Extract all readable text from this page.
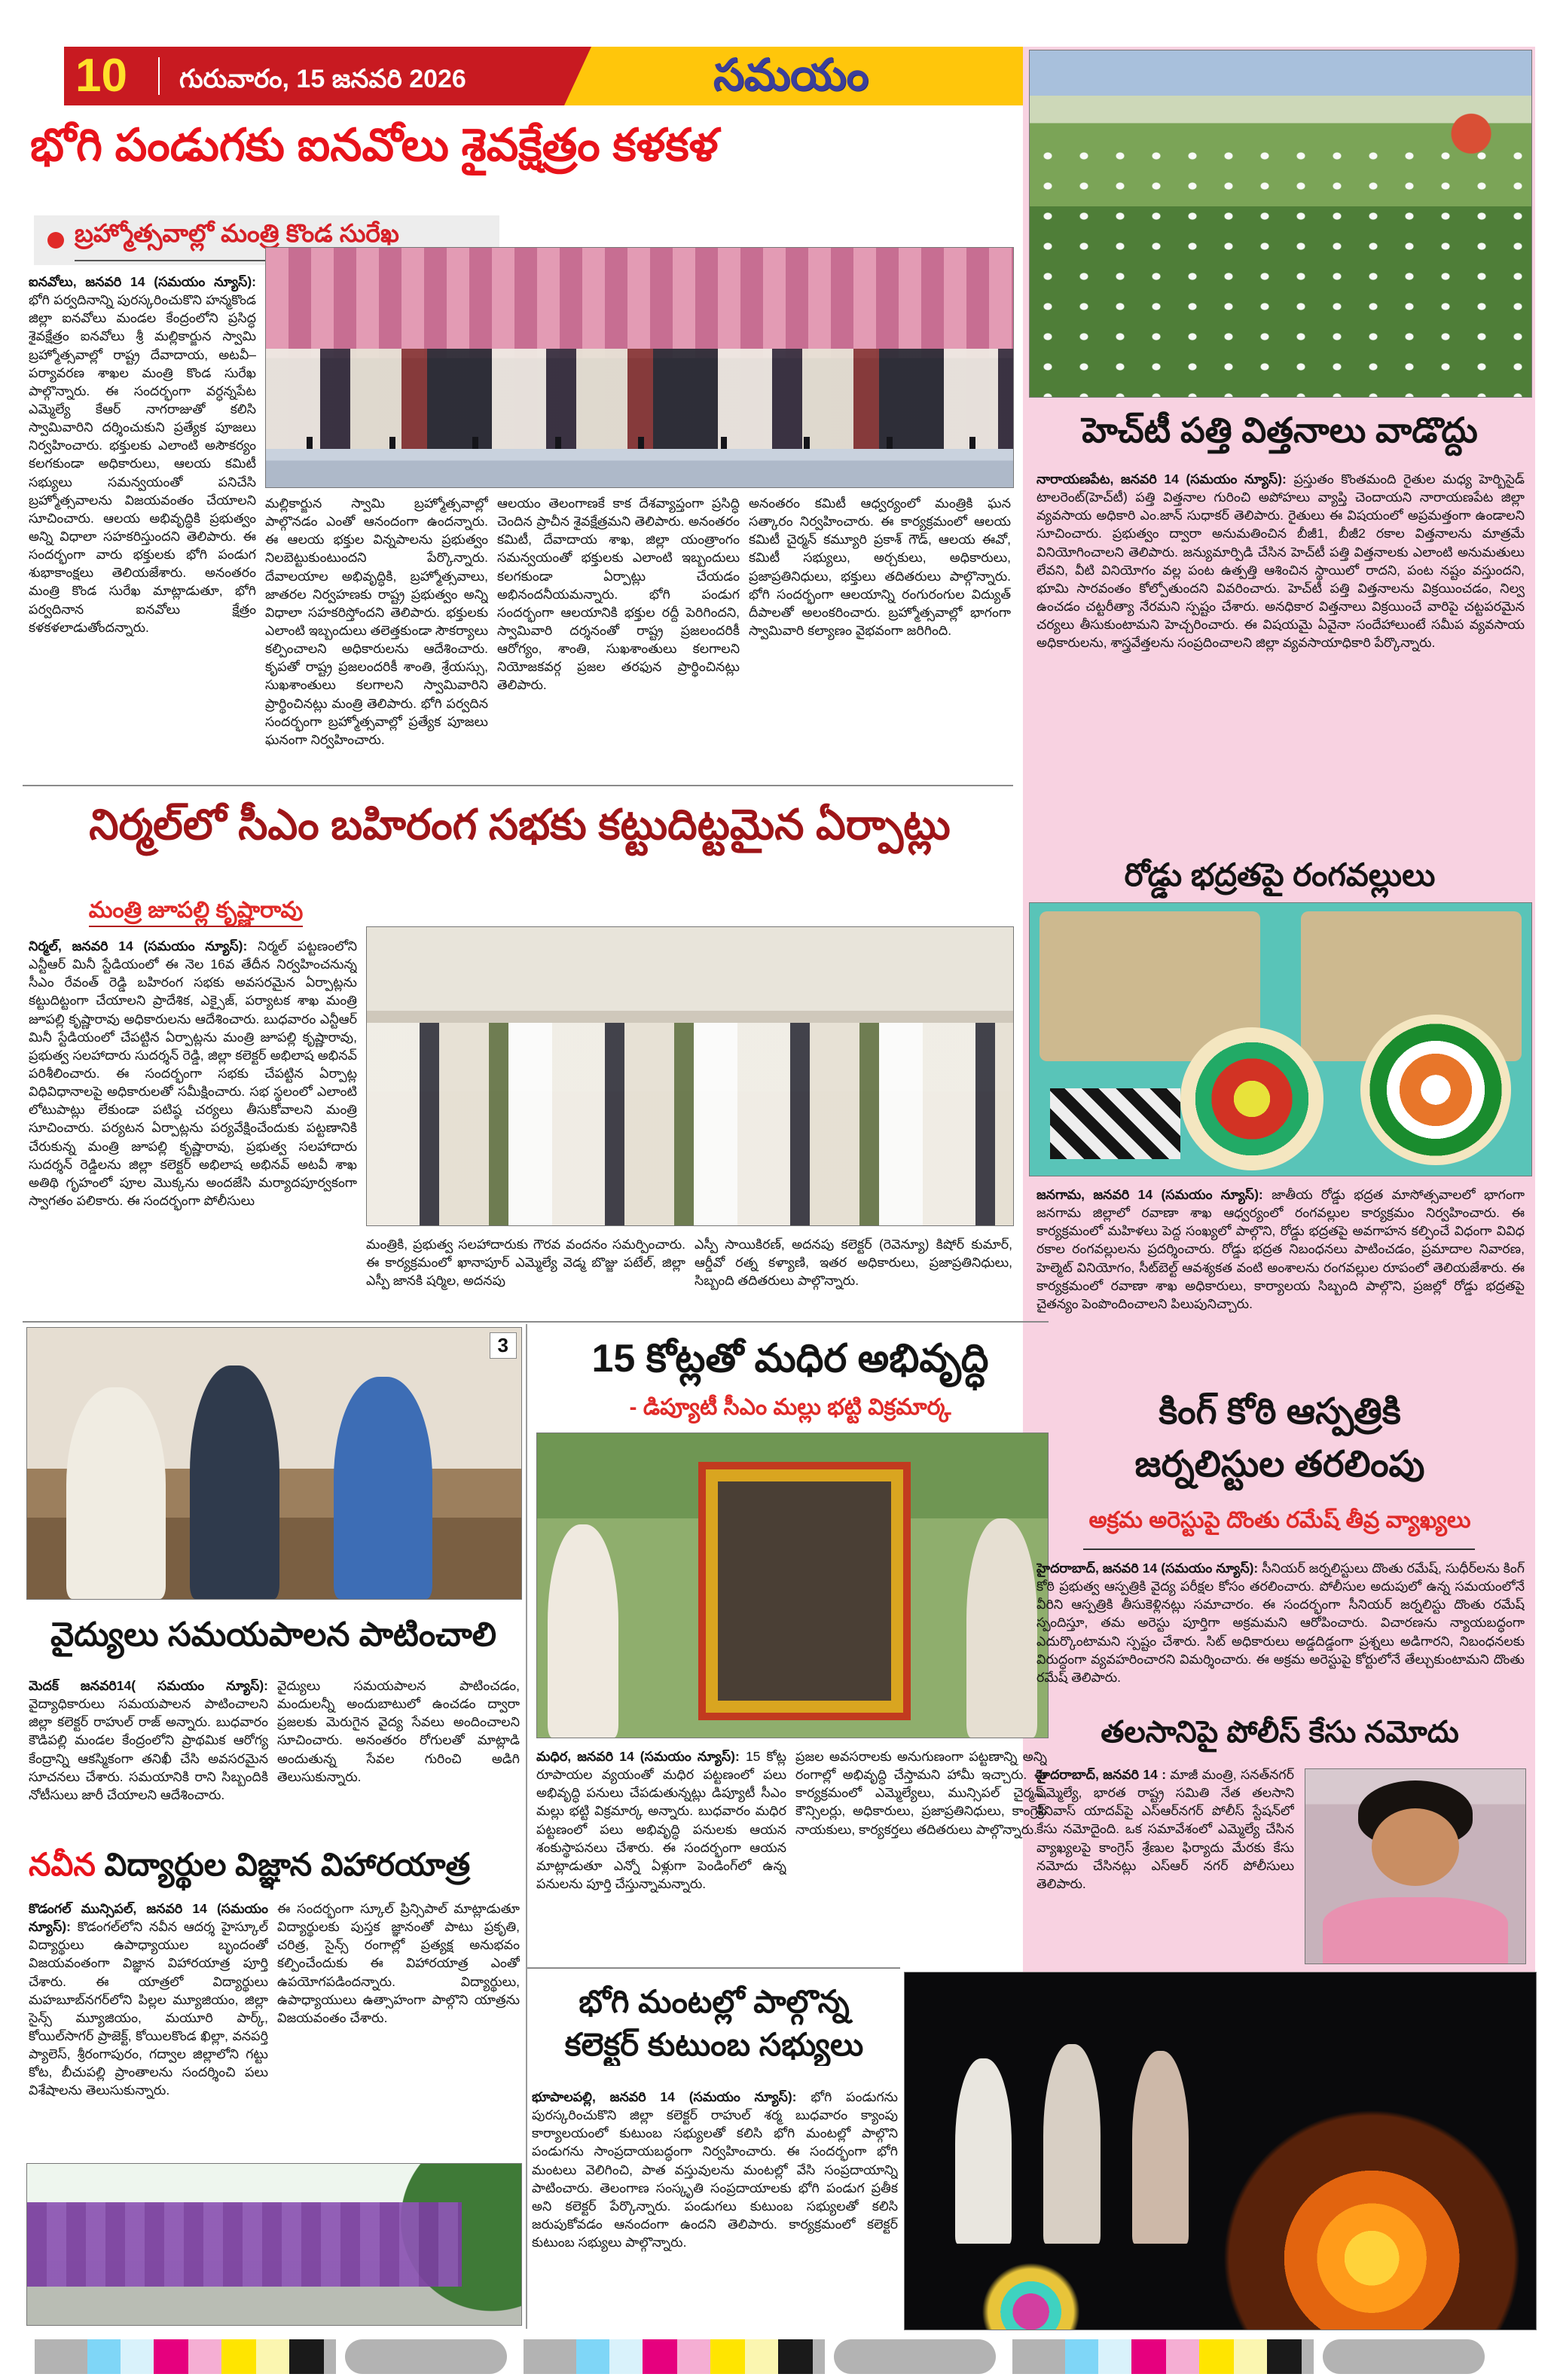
10 గురువారం, 15 జనవరి 2026	సమయం
భోగి పండుగకు ఐనవోలు శైవక్షేత్రం కళకళ
బ్రహ్మోత్సవాల్లో మంత్రి కొండ సురేఖ

ఐనవోలు, జనవరి 14 (సమయం న్యూస్): భోగి పర్వదినాన్ని పురస్కరించుకొని హన్మకొండ జిల్లా ఐనవోలు మండల కేంద్రంలోని ప్రసిద్ధ శైవక్షేత్రం ఐనవోలు శ్రీ మల్లికార్జున స్వామి బ్రహ్మోత్సవాల్లో రాష్ట్ర దేవాదాయ, అటవీ–పర్యావరణ శాఖల మంత్రి కొండ సురేఖ పాల్గొన్నారు. ఈ సందర్భంగా వర్ధన్నపేట ఎమ్మెల్యే కేఆర్ నాగరాజుతో కలిసి స్వామివారిని దర్శించుకుని ప్రత్యేక పూజలు నిర్వహించారు. భక్తులకు ఎలాంటి అసౌకర్యం కలగకుండా అధికారులు, ఆలయ కమిటీ సభ్యులు సమన్వయంతో పనిచేసి బ్రహ్మోత్సవాలను విజయవంతం చేయాలని సూచించారు. ఆలయ అభివృద్ధికి ప్రభుత్వం అన్ని విధాలా సహకరిస్తుందని తెలిపారు. ఈ సందర్భంగా వారు భక్తులకు భోగి పండుగ శుభాకాంక్షలు తెలియజేశారు. అనంతరం మంత్రి కొండ సురేఖ మాట్లాడుతూ, భోగి పర్వదినాన ఐనవోలు క్షేత్రం కళకళలాడుతోందన్నారు.

మల్లికార్జున స్వామి బ్రహ్మోత్సవాల్లో పాల్గొనడం ఎంతో ఆనందంగా ఉందన్నారు. ఈ ఆలయ భక్తుల విన్నపాలను ప్రభుత్వం నిలబెట్టుకుంటుందని పేర్కొన్నారు. దేవాలయాల అభివృద్ధికి, బ్రహ్మోత్సవాలు, జాతరల నిర్వహణకు రాష్ట్ర ప్రభుత్వం అన్ని విధాలా సహకరిస్తోందని తెలిపారు. భక్తులకు ఎలాంటి ఇబ్బందులు తలెత్తకుండా సౌకర్యాలు కల్పించాలని అధికారులను ఆదేశించారు. కృపతో రాష్ట్ర ప్రజలందరికీ శాంతి, శ్రేయస్సు, సుఖశాంతులు కలగాలని స్వామివారిని ప్రార్థించినట్లు మంత్రి తెలిపారు. భోగి పర్వదిన సందర్భంగా బ్రహ్మోత్సవాల్లో ప్రత్యేక పూజలు ఘనంగా నిర్వహించారు.

ఆలయం తెలంగాణకే కాక దేశవ్యాప్తంగా ప్రసిద్ధి చెందిన ప్రాచీన శైవక్షేత్రమని తెలిపారు. అనంతరం కమిటీ, దేవాదాయ శాఖ, జిల్లా యంత్రాంగం సమన్వయంతో భక్తులకు ఎలాంటి ఇబ్బందులు కలగకుండా ఏర్పాట్లు చేయడం అభినందనీయమన్నారు. భోగి పండుగ సందర్భంగా ఆలయానికి భక్తుల రద్దీ పెరిగిందని, స్వామివారి దర్శనంతో రాష్ట్ర ప్రజలందరికీ ఆరోగ్యం, శాంతి, సుఖశాంతులు కలగాలని నియోజకవర్గ ప్రజల తరఫున ప్రార్థించినట్లు తెలిపారు.

అనంతరం కమిటీ ఆధ్వర్యంలో మంత్రికి ఘన సత్కారం నిర్వహించారు. ఈ కార్యక్రమంలో ఆలయ కమిటీ చైర్మన్ కమ్యూరి ప్రకాశ్ గౌడ్, ఆలయ ఈవో, కమిటీ సభ్యులు, అర్చకులు, అధికారులు, ప్రజాప్రతినిధులు, భక్తులు తదితరులు పాల్గొన్నారు. భోగి సందర్భంగా ఆలయాన్ని రంగురంగుల విద్యుత్ దీపాలతో అలంకరించారు. బ్రహ్మోత్సవాల్లో భాగంగా స్వామివారి కల్యాణం వైభవంగా జరిగింది.

నిర్మల్‌లో సీఎం బహిరంగ సభకు కట్టుదిట్టమైన ఏర్పాట్లు
మంత్రి జూపల్లి కృష్ణారావు

నిర్మల్, జనవరి 14 (సమయం న్యూస్): నిర్మల్ పట్టణంలోని ఎన్టీఆర్ మినీ స్టేడియంలో ఈ నెల 16వ తేదీన నిర్వహించనున్న సీఎం రేవంత్ రెడ్డి బహిరంగ సభకు అవసరమైన ఏర్పాట్లను కట్టుదిట్టంగా చేయాలని ప్రాదేశిక, ఎక్సైజ్, పర్యాటక శాఖ మంత్రి జూపల్లి కృష్ణారావు అధికారులను ఆదేశించారు. బుధవారం ఎన్టీఆర్ మినీ స్టేడియంలో చేపట్టిన ఏర్పాట్లను మంత్రి జూపల్లి కృష్ణారావు, ప్రభుత్వ సలహాదారు సుదర్శన్ రెడ్డి, జిల్లా కలెక్టర్ అభిలాష అభినవ్ పరిశీలించారు. ఈ సందర్భంగా సభకు చేపట్టిన ఏర్పాట్ల విధివిధానాలపై అధికారులతో సమీక్షించారు. సభ స్థలంలో ఎలాంటి లోటుపాట్లు లేకుండా పటిష్ఠ చర్యలు తీసుకోవాలని మంత్రి సూచించారు. పర్యటన ఏర్పాట్లను పర్యవేక్షించేందుకు పట్టణానికి చేరుకున్న మంత్రి జూపల్లి కృష్ణారావు, ప్రభుత్వ సలహాదారు సుదర్శన్ రెడ్డిలను జిల్లా కలెక్టర్ అభిలాష అభినవ్ అటవీ శాఖ అతిథి గృహంలో పూల మొక్కను అందజేసి మర్యాదపూర్వకంగా స్వాగతం పలికారు. ఈ సందర్భంగా పోలీసులు

మంత్రికి, ప్రభుత్వ సలహాదారుకు గౌరవ వందనం సమర్పించారు. ఈ కార్యక్రమంలో ఖానాపూర్ ఎమ్మెల్యే వెడ్మ బొజ్జు పటేల్, జిల్లా ఎస్పీ జానకి షర్మిల, అదనపు

ఎస్పీ సాయికిరణ్, అదనపు కలెక్టర్ (రెవెన్యూ) కిషోర్ కుమార్, ఆర్డీవో రత్న కళ్యాణి, ఇతర అధికారులు, ప్రజాప్రతినిధులు, సిబ్బంది తదితరులు పాల్గొన్నారు.

3
వైద్యులు సమయపాలన పాటించాలి

మెదక్ జనవరి14( సమయం న్యూస్): వైద్యాధికారులు సమయపాలన పాటించాలని జిల్లా కలెక్టర్ రాహుల్ రాజ్ అన్నారు. బుధవారం కౌడిపల్లి మండల కేంద్రంలోని ప్రాథమిక ఆరోగ్య కేంద్రాన్ని ఆకస్మికంగా తనిఖీ చేసి అవసరమైన సూచనలు చేశారు. సమయానికి రాని సిబ్బందికి నోటీసులు జారీ చేయాలని ఆదేశించారు.

వైద్యులు సమయపాలన పాటించడం, మందులన్నీ అందుబాటులో ఉంచడం ద్వారా ప్రజలకు మెరుగైన వైద్య సేవలు అందించాలని సూచించారు. అనంతరం రోగులతో మాట్లాడి అందుతున్న సేవల గురించి అడిగి తెలుసుకున్నారు.

నవీన విద్యార్థుల విజ్ఞాన విహారయాత్ర

కొడంగల్ మున్సిపల్, జనవరి 14 (సమయం న్యూస్): కొడంగల్‌లోని నవీన ఆదర్శ హైస్కూల్ విద్యార్థులు ఉపాధ్యాయుల బృందంతో విజయవంతంగా విజ్ఞాన విహారయాత్ర పూర్తి చేశారు. ఈ యాత్రలో విద్యార్థులు మహబూబ్‌నగర్‌లోని పిల్లల మ్యూజియం, జిల్లా సైన్స్ మ్యూజియం, మయూరి పార్క్, కోయిల్‌సాగర్ ప్రాజెక్ట్, కోయిలకొండ ఖిల్లా, వనపర్తి ప్యాలెస్, శ్రీరంగాపురం, గద్వాల జిల్లాలోని గట్టు కోట, బీచుపల్లి ప్రాంతాలను సందర్శించి పలు విశేషాలను తెలుసుకున్నారు.

ఈ సందర్భంగా స్కూల్ ప్రిన్సిపాల్ మాట్లాడుతూ విద్యార్థులకు పుస్తక జ్ఞానంతో పాటు ప్రకృతి, చరిత్ర, సైన్స్ రంగాల్లో ప్రత్యక్ష అనుభవం కల్పించేందుకు ఈ విహారయాత్ర ఎంతో ఉపయోగపడిందన్నారు. విద్యార్థులు, ఉపాధ్యాయులు ఉత్సాహంగా పాల్గొని యాత్రను విజయవంతం చేశారు.

15 కోట్లతో మధిర అభివృద్ధి
- డిప్యూటీ సీఎం మల్లు భట్టి విక్రమార్క

మధిర, జనవరి 14 (సమయం న్యూస్): 15 కోట్ల రూపాయల వ్యయంతో మధిర పట్టణంలో పలు అభివృద్ధి పనులు చేపడుతున్నట్లు డిప్యూటీ సీఎం మల్లు భట్టి విక్రమార్క అన్నారు. బుధవారం మధిర పట్టణంలో పలు అభివృద్ధి పనులకు ఆయన శంకుస్థాపనలు చేశారు. ఈ సందర్భంగా ఆయన మాట్లాడుతూ ఎన్నో ఏళ్లుగా పెండింగ్‌లో ఉన్న పనులను పూర్తి చేస్తున్నామన్నారు.

ప్రజల అవసరాలకు అనుగుణంగా పట్టణాన్ని అన్ని రంగాల్లో అభివృద్ధి చేస్తామని హామీ ఇచ్చారు. ఈ కార్యక్రమంలో ఎమ్మెల్యేలు, మున్సిపల్ చైర్మన్, కౌన్సిలర్లు, అధికారులు, ప్రజాప్రతినిధులు, కాంగ్రెస్ నాయకులు, కార్యకర్తలు తదితరులు పాల్గొన్నారు.

భోగి మంటల్లో పాల్గొన్న
కలెక్టర్ కుటుంబ సభ్యులు

భూపాలపల్లి, జనవరి 14 (సమయం న్యూస్): భోగి పండుగను పురస్కరించుకొని జిల్లా కలెక్టర్ రాహుల్ శర్మ బుధవారం క్యాంపు కార్యాలయంలో కుటుంబ సభ్యులతో కలిసి భోగి మంటల్లో పాల్గొని పండుగను సాంప్రదాయబద్ధంగా నిర్వహించారు. ఈ సందర్భంగా భోగి మంటలు వెలిగించి, పాత వస్తువులను మంటల్లో వేసి సంప్రదాయాన్ని పాటించారు. తెలంగాణ సంస్కృతి సంప్రదాయాలకు భోగి పండుగ ప్రతీక అని కలెక్టర్ పేర్కొన్నారు. పండుగలు కుటుంబ సభ్యులతో కలిసి జరుపుకోవడం ఆనందంగా ఉందని తెలిపారు. కార్యక్రమంలో కలెక్టర్ కుటుంబ సభ్యులు పాల్గొన్నారు.

హెచ్‌టీ పత్తి విత్తనాలు వాడొద్దు

నారాయణపేట, జనవరి 14 (సమయం న్యూస్): ప్రస్తుతం కొంతమంది రైతుల మధ్య హెర్బిసైడ్ టాలరెంట్(హెచ్‌టీ) పత్తి విత్తనాల గురించి అపోహలు వ్యాప్తి చెందాయని నారాయణపేట జిల్లా వ్యవసాయ అధికారి ఎం.జాన్ సుధాకర్ తెలిపారు. రైతులు ఈ విషయంలో అప్రమత్తంగా ఉండాలని సూచించారు. ప్రభుత్వం ద్వారా అనుమతించిన బీజీ1, బీజీ2 రకాల విత్తనాలను మాత్రమే వినియోగించాలని తెలిపారు. జన్యుమార్పిడి చేసిన హెచ్‌టీ పత్తి విత్తనాలకు ఎలాంటి అనుమతులు లేవని, వీటి వినియోగం వల్ల పంట ఉత్పత్తి ఆశించిన స్థాయిలో రాదని, పంట నష్టం వస్తుందని, భూమి సారవంతం కోల్పోతుందని వివరించారు. హెచ్‌టీ పత్తి విత్తనాలను విక్రయించడం, నిల్వ ఉంచడం చట్టరీత్యా నేరమని స్పష్టం చేశారు. అనధికార విత్తనాలు విక్రయించే వారిపై చట్టపరమైన చర్యలు తీసుకుంటామని హెచ్చరించారు. ఈ విషయమై ఏవైనా సందేహాలుంటే సమీప వ్యవసాయ అధికారులను, శాస్త్రవేత్తలను సంప్రదించాలని జిల్లా వ్యవసాయాధికారి పేర్కొన్నారు.

రోడ్డు భద్రతపై రంగవల్లులు

జనగామ, జనవరి 14 (సమయం న్యూస్): జాతీయ రోడ్డు భద్రత మాసోత్సవాలలో భాగంగా జనగామ జిల్లాలో రవాణా శాఖ ఆధ్వర్యంలో రంగవల్లుల కార్యక్రమం నిర్వహించారు. ఈ కార్యక్రమంలో మహిళలు పెద్ద సంఖ్యలో పాల్గొని, రోడ్డు భద్రతపై అవగాహన కల్పించే విధంగా వివిధ రకాల రంగవల్లులను ప్రదర్శించారు. రోడ్డు భద్రత నిబంధనలు పాటించడం, ప్రమాదాల నివారణ, హెల్మెట్ వినియోగం, సీట్‌బెల్ట్ ఆవశ్యకత వంటి అంశాలను రంగవల్లుల రూపంలో తెలియజేశారు. ఈ కార్యక్రమంలో రవాణా శాఖ అధికారులు, కార్యాలయ సిబ్బంది పాల్గొని, ప్రజల్లో రోడ్డు భద్రతపై చైతన్యం పెంపొందించాలని పిలుపునిచ్చారు.

కింగ్ కోఠి ఆస్పత్రికి
జర్నలిస్టుల తరలింపు
అక్రమ అరెస్టుపై దొంతు రమేష్ తీవ్ర వ్యాఖ్యలు

హైదరాబాద్, జనవరి 14 (సమయం న్యూస్): సీనియర్ జర్నలిస్టులు దొంతు రమేష్, సుధీర్‌లను కింగ్ కోఠి ప్రభుత్వ ఆస్పత్రికి వైద్య పరీక్షల కోసం తరలించారు. పోలీసుల అదుపులో ఉన్న సమయంలోనే వీరిని ఆస్పత్రికి తీసుకెళ్లినట్లు సమాచారం. ఈ సందర్భంగా సీనియర్ జర్నలిస్టు దొంతు రమేష్ స్పందిస్తూ, తమ అరెస్టు పూర్తిగా అక్రమమని ఆరోపించారు. విచారణను న్యాయబద్ధంగా ఎదుర్కొంటామని స్పష్టం చేశారు. సిట్ అధికారులు అడ్డదిడ్డంగా ప్రశ్నలు అడిగారని, నిబంధనలకు విరుద్ధంగా వ్యవహరించారని విమర్శించారు. ఈ అక్రమ అరెస్టుపై కోర్టులోనే తేల్చుకుంటామని దొంతు రమేష్ తెలిపారు.

తలసానిపై పోలీస్ కేసు నమోదు

హైదరాబాద్, జనవరి 14 : మాజీ మంత్రి, సనత్‌నగర్ ఎమ్మెల్యే, భారత రాష్ట్ర సమితి నేత తలసాని శ్రీనివాస్ యాదవ్‌పై ఎస్‌ఆర్‌నగర్ పోలీస్ స్టేషన్‌లో కేసు నమోదైంది. ఒక సమావేశంలో ఎమ్మెల్యే చేసిన వ్యాఖ్యలపై కాంగ్రెస్ శ్రేణుల ఫిర్యాదు మేరకు కేసు నమోదు చేసినట్లు ఎస్‌ఆర్ నగర్ పోలీసులు తెలిపారు.
